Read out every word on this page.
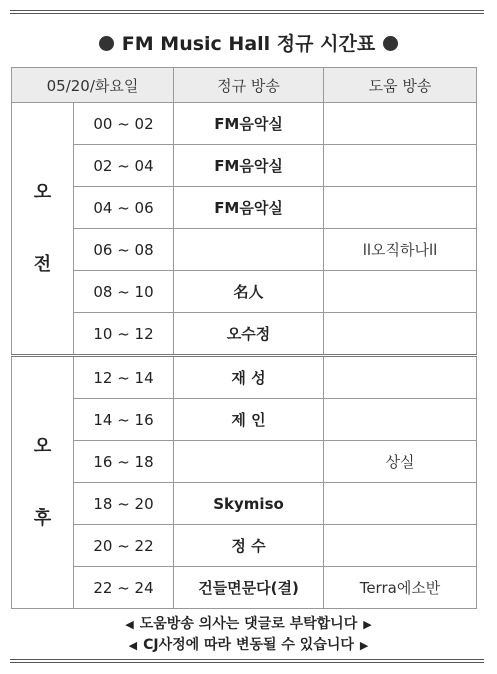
FM Music Hall 정규 시간표
05/20/화요일		정규 방송	도움 방송
오
전	00 ~ 02	FM음악실	
	02 ~ 04	FM음악실	
	04 ~ 06	FM음악실	
	06 ~ 08		ll오직하나ll
	08 ~ 10	名人	
	10 ~ 12	오수정	
오
후	12 ~ 14	재 성	
	14 ~ 16	제 인	
	16 ~ 18		상실
	18 ~ 20	Skymiso	
	20 ~ 22	정 수	
	22 ~ 24	건들면문다(결)	Terra에소반
◀ 도움방송 의사는 댓글로 부탁합니다 ▶
◀ CJ사정에 따라 변동될 수 있습니다 ▶
